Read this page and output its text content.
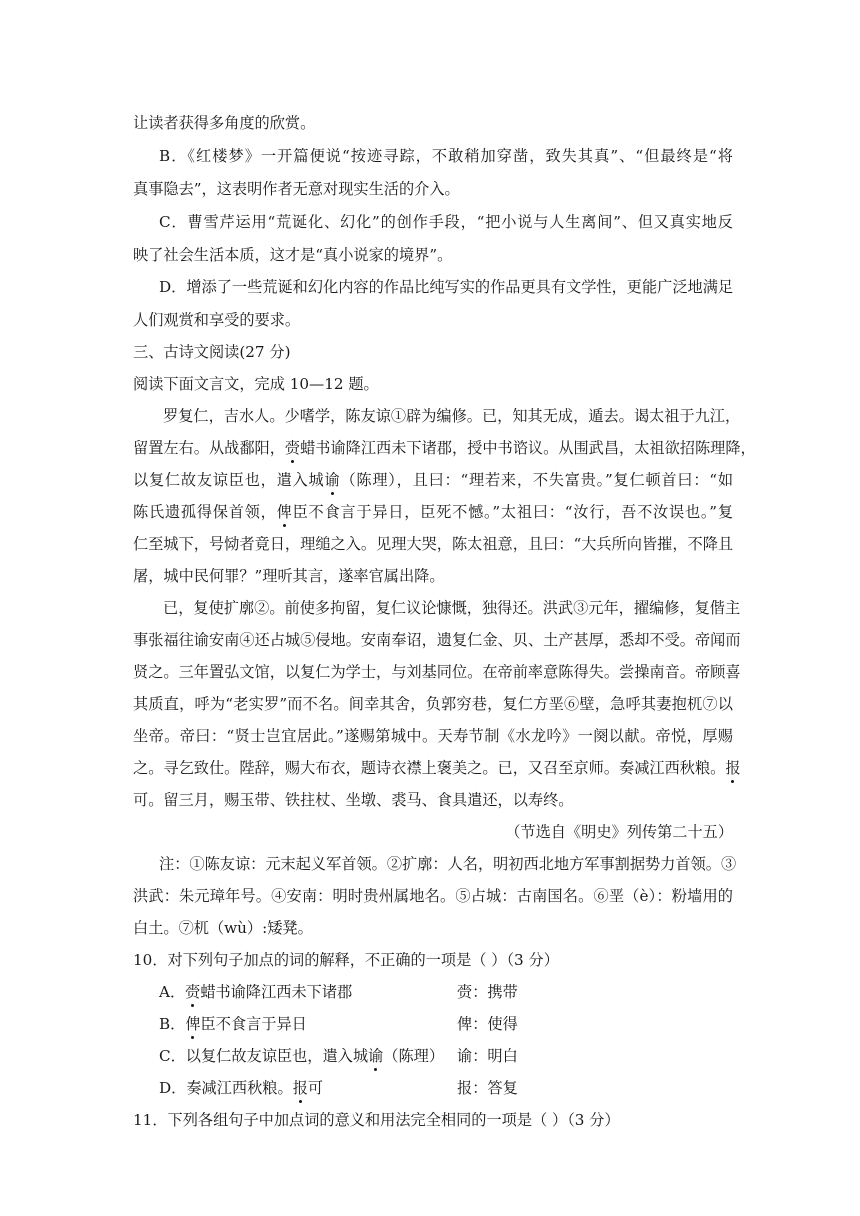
让读者获得多角度的欣赏。
B．《红楼梦》一开篇便说“按迹寻踪，不敢稍加穿凿，致失其真”、“但最终是“将
真事隐去”，这表明作者无意对现实生活的介入。
C．曹雪芹运用“荒诞化、幻化”的创作手段，“把小说与人生离间”、但又真实地反
映了社会生活本质，这才是“真小说家的境界”。
D．增添了一些荒诞和幻化内容的作品比纯写实的作品更具有文学性，更能广泛地满足
人们观赏和享受的要求。
三、古诗文阅读(27 分)
阅读下面文言文，完成 10—12 题。
罗复仁，吉水人。少嗜学，陈友谅①辟为编修。已，知其无成，遁去。谒太祖于九江，
留置左右。从战鄱阳，赍蜡书谕降江西未下诸郡，授中书谘议。从围武昌，太祖欲招陈理降，
以复仁故友谅臣也，遣入城谕（陈理），且曰：“理若来，不失富贵。”复仁顿首曰：“如
陈氏遗孤得保首领，俾臣不食言于异日，臣死不憾。”太祖曰：“汝行，吾不汝误也。”复
仁至城下，号恸者竟日，理缒之入。见理大哭，陈太祖意，且曰：“大兵所向皆摧，不降且
屠，城中民何罪？”理听其言，遂率官属出降。
已，复使扩廓②。前使多拘留，复仁议论慷慨，独得还。洪武③元年，擢编修，复偕主
事张福往谕安南④还占城⑤侵地。安南奉诏，遗复仁金、贝、土产甚厚，悉却不受。帝闻而
贤之。三年置弘文馆，以复仁为学士，与刘基同位。在帝前率意陈得失。尝操南音。帝顾喜
其质直，呼为“老实罗”而不名。间幸其舍，负郭穷巷，复仁方垩⑥壁，急呼其妻抱杌⑦以
坐帝。帝曰：“贤士岂宜居此。”遂赐第城中。天寿节制《水龙吟》一阕以献。帝悦，厚赐
之。寻乞致仕。陛辞，赐大布衣，题诗衣襟上褒美之。已，又召至京师。奏减江西秋粮。报
可。留三月，赐玉带、铁拄杖、坐墩、裘马、食具遣还，以寿终。
（节选自《明史》列传第二十五）
注：①陈友谅：元末起义军首领。②扩廓：人名，明初西北地方军事割据势力首领。③
洪武：朱元璋年号。④安南：明时贵州属地名。⑤占城：古南国名。⑥垩（è）：粉墙用的
白土。⑦杌（wù）:矮凳。
10．对下列句子加点的词的解释，不正确的一项是（ ）（3 分）
A．赍蜡书谕降江西未下诸郡	赍：携带
B．俾臣不食言于异日	俾：使得
C．以复仁故友谅臣也，遣入城谕（陈理） 谕：明白
D．奏减江西秋粮。报可	报：答复
11．下列各组句子中加点词的意义和用法完全相同的一项是（ ）（3 分）
